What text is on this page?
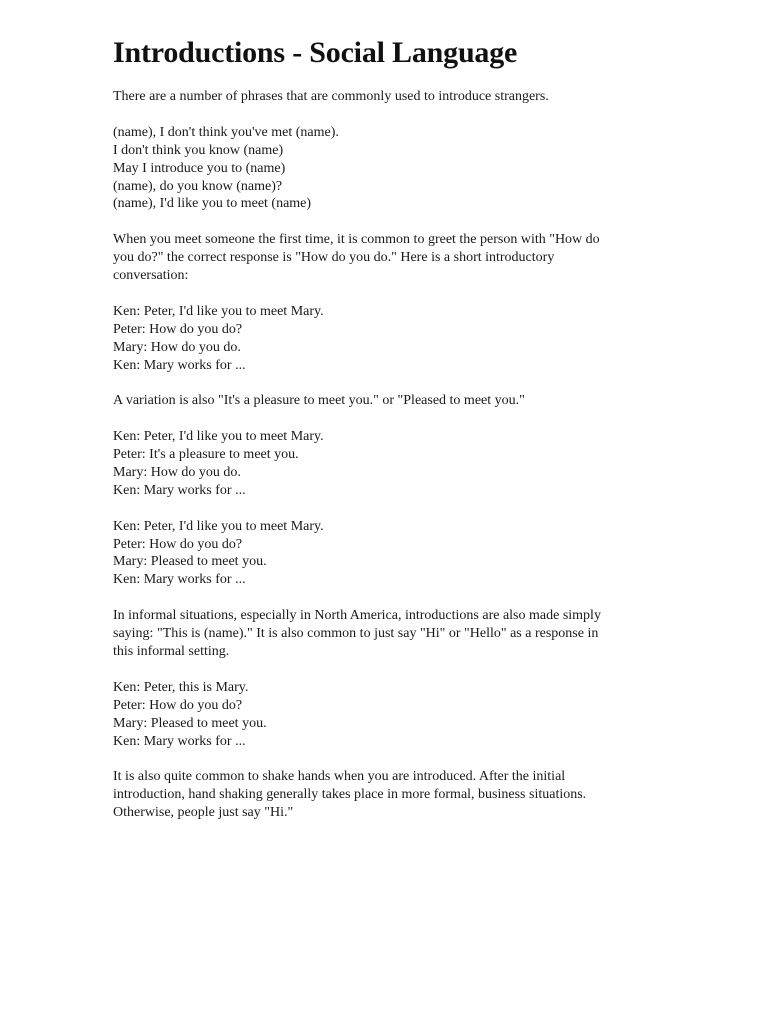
Introductions - Social Language
There are a number of phrases that are commonly used to introduce strangers.
(name), I don't think you've met (name).
I don't think you know (name)
May I introduce you to (name)
(name), do you know (name)?
(name), I'd like you to meet (name)
When you meet someone the first time, it is common to greet the person with "How do
you do?" the correct response is "How do you do." Here is a short introductory
conversation:
Ken: Peter, I'd like you to meet Mary.
Peter: How do you do?
Mary: How do you do.
Ken: Mary works for ...
A variation is also "It's a pleasure to meet you." or "Pleased to meet you."
Ken: Peter, I'd like you to meet Mary.
Peter: It's a pleasure to meet you.
Mary: How do you do.
Ken: Mary works for ...
Ken: Peter, I'd like you to meet Mary.
Peter: How do you do?
Mary: Pleased to meet you.
Ken: Mary works for ...
In informal situations, especially in North America, introductions are also made simply
saying: "This is (name)." It is also common to just say "Hi" or "Hello" as a response in
this informal setting.
Ken: Peter, this is Mary.
Peter: How do you do?
Mary: Pleased to meet you.
Ken: Mary works for ...
It is also quite common to shake hands when you are introduced. After the initial
introduction, hand shaking generally takes place in more formal, business situations.
Otherwise, people just say "Hi."
